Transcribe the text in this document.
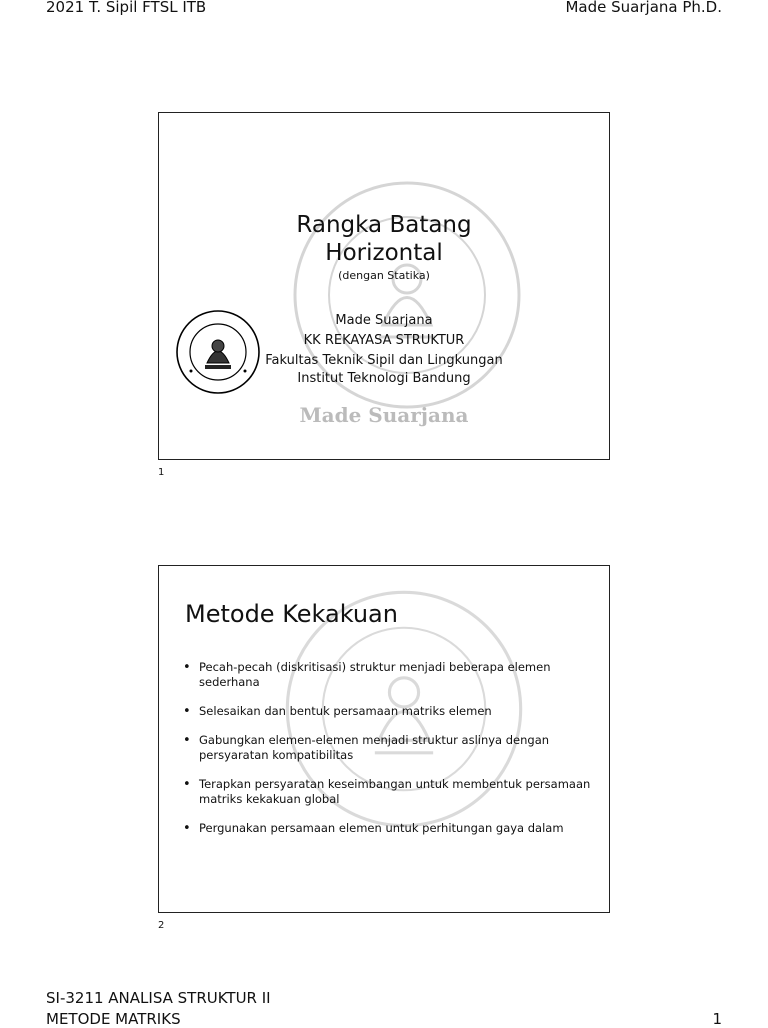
2021 T. Sipil FTSL ITB	Made Suarjana Ph.D.
Made Suarjana
Rangka Batang
Horizontal
(dengan Statika)
Made Suarjana
KK REKAYASA STRUKTUR
Fakultas Teknik Sipil dan Lingkungan
Institut Teknologi Bandung
1
Metode Kekakuan
• Pecah-pecah (diskritisasi) struktur menjadi beberapa elemen sederhana
• Selesaikan dan bentuk persamaan matriks elemen
• Gabungkan elemen-elemen menjadi struktur aslinya dengan persyaratan kompatibilitas
• Terapkan persyaratan keseimbangan untuk membentuk persamaan matriks kekakuan global
• Pergunakan persamaan elemen untuk perhitungan gaya dalam
2
SI-3211 ANALISA STRUKTUR II
METODE MATRIKS	1
